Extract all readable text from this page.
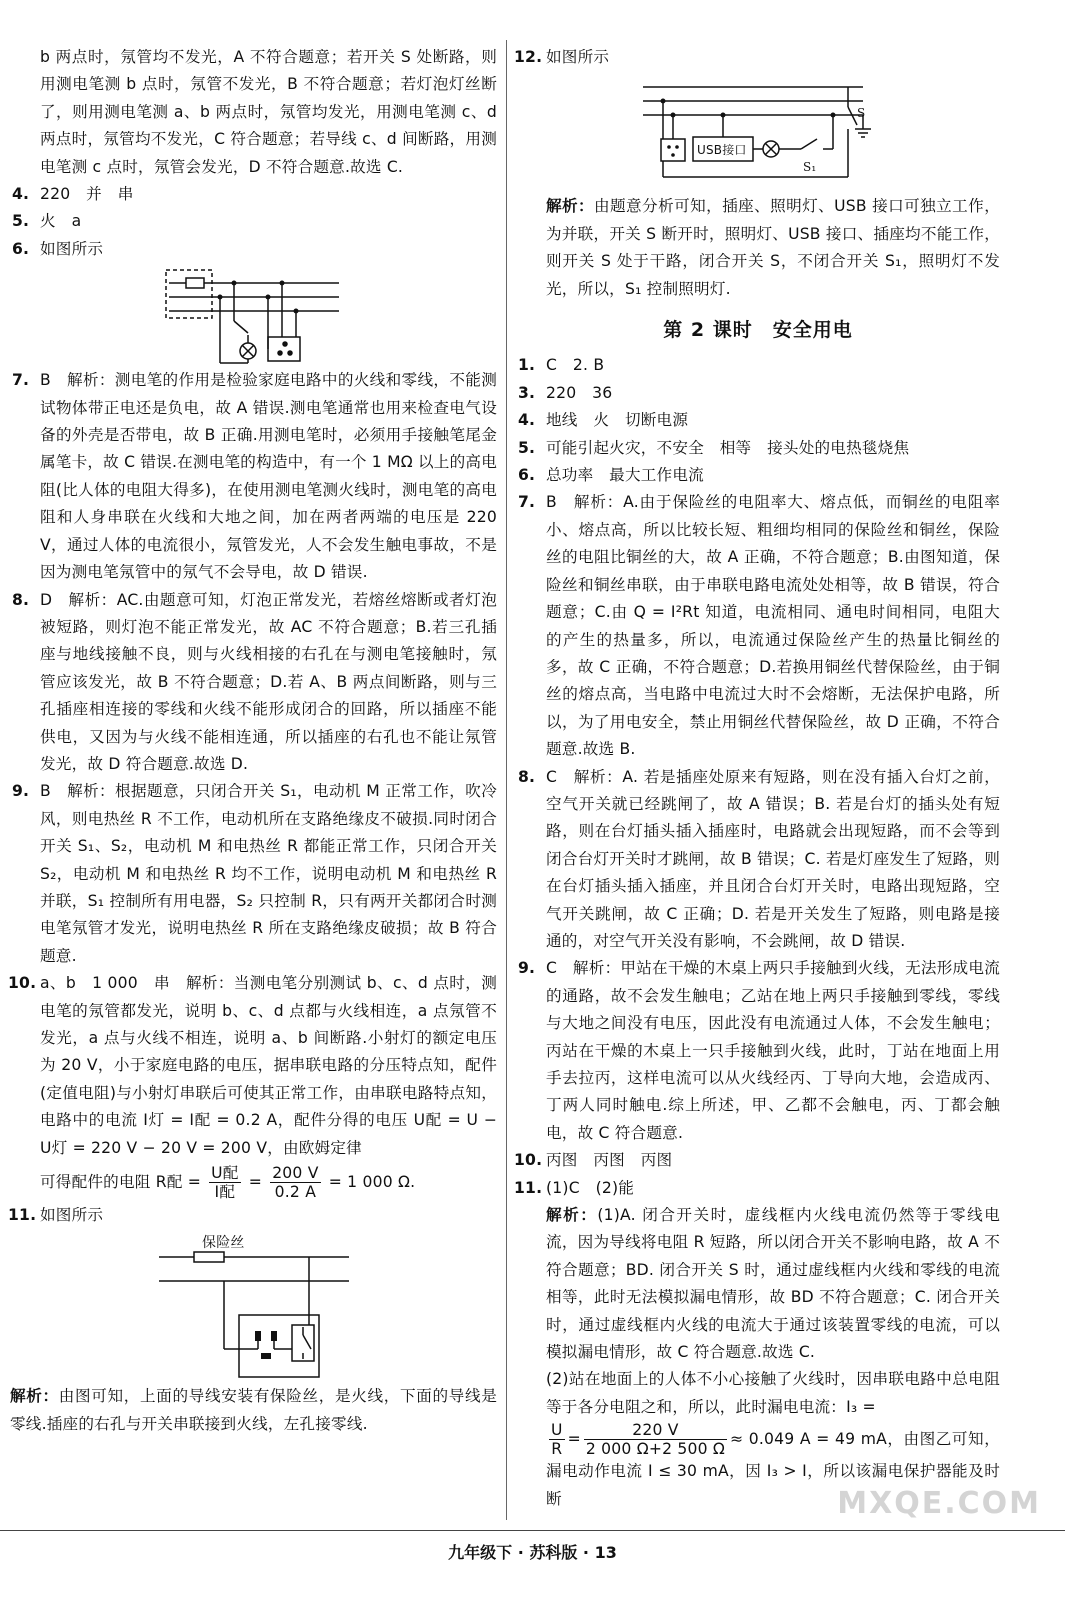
b 两点时，氖管均不发光，A 不符合题意；若开关 S 处断路，则用测电笔测 b 点时，氖管不发光，B 不符合题意；若灯泡灯丝断了，则用测电笔测 a、b 两点时，氖管均发光，用测电笔测 c、d 两点时，氖管均不发光，C 符合题意；若导线 c、d 间断路，用测电笔测 c 点时，氖管会发光，D 不符合题意.故选 C.

4. 220　并　串

5. 火　a

6. 如图所示

7. B　解析：测电笔的作用是检验家庭电路中的火线和零线，不能测试物体带正电还是负电，故 A 错误.测电笔通常也用来检查电气设备的外壳是否带电，故 B 正确.用测电笔时，必须用手接触笔尾金属笔卡，故 C 错误.在测电笔的构造中，有一个 1 MΩ 以上的高电阻(比人体的电阻大得多)，在使用测电笔测火线时，测电笔的高电阻和人身串联在火线和大地之间，加在两者两端的电压是 220 V，通过人体的电流很小，氖管发光，人不会发生触电事故，不是因为测电笔氖管中的氖气不会导电，故 D 错误.

8. D　解析：AC.由题意可知，灯泡正常发光，若熔丝熔断或者灯泡被短路，则灯泡不能正常发光，故 AC 不符合题意；B.若三孔插座与地线接触不良，则与火线相接的右孔在与测电笔接触时，氖管应该发光，故 B 不符合题意；D.若 A、B 两点间断路，则与三孔插座相连接的零线和火线不能形成闭合的回路，所以插座不能供电，又因为与火线不能相连通，所以插座的右孔也不能让氖管发光，故 D 符合题意.故选 D.

9. B　解析：根据题意，只闭合开关 S₁，电动机 M 正常工作，吹冷风，则电热丝 R 不工作，电动机所在支路绝缘皮不破损.同时闭合开关 S₁、S₂，电动机 M 和电热丝 R 都能正常工作，只闭合开关 S₂，电动机 M 和电热丝 R 均不工作，说明电动机 M 和电热丝 R 并联，S₁ 控制所有用电器，S₂ 只控制 R，只有两开关都闭合时测电笔氖管才发光，说明电热丝 R 所在支路绝缘皮破损；故 B 符合题意.

10. a、b　1 000　串　解析：当测电笔分别测试 b、c、d 点时，测电笔的氖管都发光，说明 b、c、d 点都与火线相连，a 点氖管不发光，a 点与火线不相连，说明 a、b 间断路.小射灯的额定电压为 20 V，小于家庭电路的电压，据串联电路的分压特点知，配件(定值电阻)与小射灯串联后可使其正常工作，由串联电路特点知，电路中的电流 I灯 = I配 = 0.2 A，配件分得的电压 U配 = U − U灯 = 220 V − 20 V = 200 V，由欧姆定律

可得配件的电阻 R配 = $\frac{\text{U配}}{\text{I配}} = \frac{200 V}{0.2 A} = 1$ 000 Ω.

11. 如图所示

保险丝

解析：由图可知，上面的导线安装有保险丝，是火线，下面的导线是零线.插座的右孔与开关串联接到火线，左孔接零线.

12. 如图所示

USB接口
S
S₁

解析：由题意分析可知，插座、照明灯、USB 接口可独立工作，为并联，开关 S 断开时，照明灯、USB 接口、插座均不能工作，则开关 S 处于干路，闭合开关 S，不闭合开关 S₁，照明灯不发光，所以，S₁ 控制照明灯.

第 2 课时　安全用电

1. C　2. B

3. 220　36

4. 地线　火　切断电源

5. 可能引起火灾，不安全　相等　接头处的电热毯烧焦

6. 总功率　最大工作电流

7. B　解析：A.由于保险丝的电阻率大、熔点低，而铜丝的电阻率小、熔点高，所以比较长短、粗细均相同的保险丝和铜丝，保险丝的电阻比铜丝的大，故 A 正确，不符合题意；B.由图知道，保险丝和铜丝串联，由于串联电路电流处处相等，故 B 错误，符合题意；C.由 Q = I²Rt 知道，电流相同、通电时间相同，电阻大的产生的热量多，所以，电流通过保险丝产生的热量比铜丝的多，故 C 正确，不符合题意；D.若换用铜丝代替保险丝，由于铜丝的熔点高，当电路中电流过大时不会熔断，无法保护电路，所以，为了用电安全，禁止用铜丝代替保险丝，故 D 正确，不符合题意.故选 B.

8. C　解析：A. 若是插座处原来有短路，则在没有插入台灯之前，空气开关就已经跳闸了，故 A 错误；B. 若是台灯的插头处有短路，则在台灯插头插入插座时，电路就会出现短路，而不会等到闭合台灯开关时才跳闸，故 B 错误；C. 若是灯座发生了短路，则在台灯插头插入插座，并且闭合台灯开关时，电路出现短路，空气开关跳闸，故 C 正确；D. 若是开关发生了短路，则电路是接通的，对空气开关没有影响，不会跳闸，故 D 错误.

9. C　解析：甲站在干燥的木桌上两只手接触到火线，无法形成电流的通路，故不会发生触电；乙站在地上两只手接触到零线，零线与大地之间没有电压，因此没有电流通过人体，不会发生触电；丙站在干燥的木桌上一只手接触到火线，此时，丁站在地面上用手去拉丙，这样电流可以从火线经丙、丁导向大地，会造成丙、丁两人同时触电.综上所述，甲、乙都不会触电，丙、丁都会触电，故 C 符合题意.

10. 丙图　丙图　丙图

11. (1)C　(2)能

解析：(1)A. 闭合开关时，虚线框内火线电流仍然等于零线电流，因为导线将电阻 R 短路，所以闭合开关不影响电路，故 A 不符合题意；BD. 闭合开关 S 时，通过虚线框内火线和零线的电流相等，此时无法模拟漏电情形，故 BD 不符合题意；C. 闭合开关时，通过虚线框内火线的电流大于通过该装置零线的电流，可以模拟漏电情形，故 C 符合题意.故选 C.

(2)站在地面上的人体不小心接触了火线时，因串联电路中总电阻等于各分电阻之和，所以，此时漏电电流：I₃ =

$\frac{U}{R} = \frac{220 V}{2 000 \Omega+2 500 \Omega} \approx 0.049$ A = 49 mA，由图乙可知，漏电动作电流 I ≤ 30 mA，因 I₃ > I，所以该漏电保护器能及时断

九年级下 · 苏科版 · 13
MXQE.COM
